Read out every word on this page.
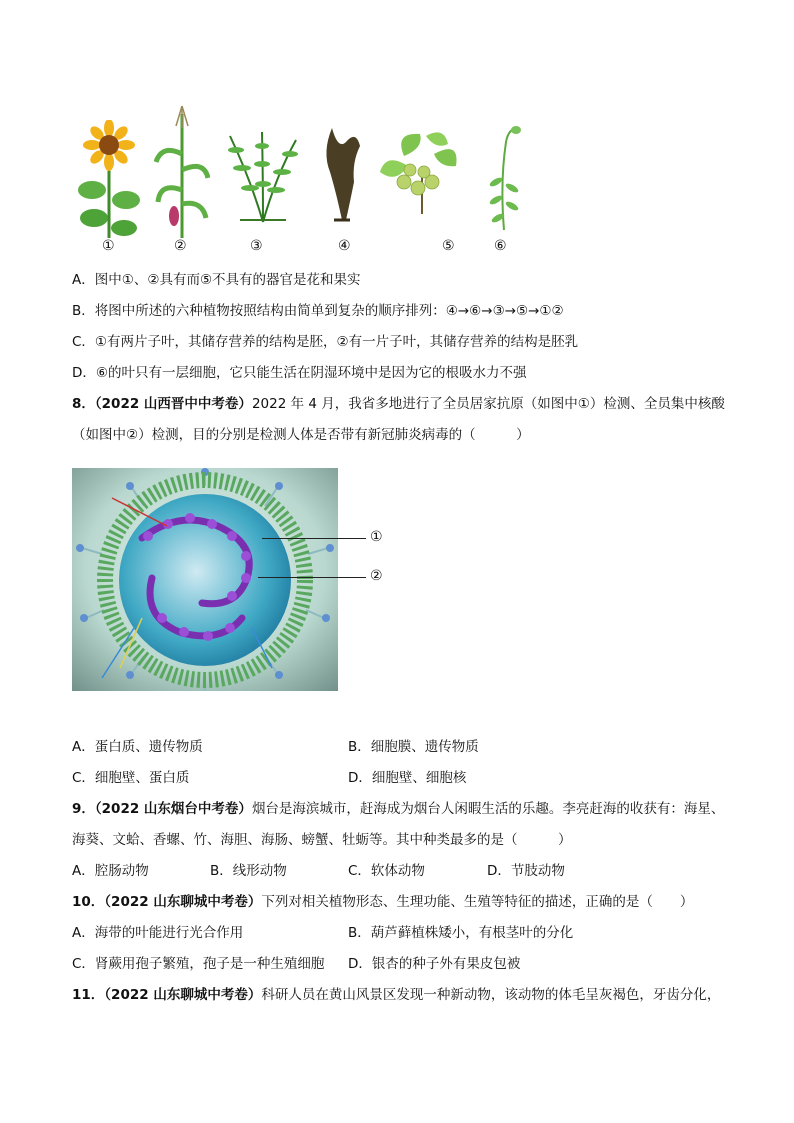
①	②	③	④	⑤	⑥
A．图中①、②具有而⑤不具有的器官是花和果实
B．将图中所述的六种植物按照结构由简单到复杂的顺序排列：④→⑥→③→⑤→①②
C．①有两片子叶，其储存营养的结构是胚，②有一片子叶，其储存营养的结构是胚乳
D．⑥的叶只有一层细胞，它只能生活在阴湿环境中是因为它的根吸水力不强
8．（2022 山西晋中中考卷）2022 年 4 月，我省多地进行了全员居家抗原（如图中①）检测、全员集中核酸
（如图中②）检测，目的分别是检测人体是否带有新冠肺炎病毒的（　　　）
①
②
A．蛋白质、遗传物质	B．细胞膜、遗传物质
C．细胞壁、蛋白质	D．细胞壁、细胞核
9．（2022 山东烟台中考卷）烟台是海滨城市，赶海成为烟台人闲暇生活的乐趣。李亮赶海的收获有：海星、
海葵、文蛤、香螺、竹、海胆、海肠、螃蟹、牡蛎等。其中种类最多的是（　　　）
A．腔肠动物	B．线形动物	C．软体动物	D．节肢动物
10．（2022 山东聊城中考卷）下列对相关植物形态、生理功能、生殖等特征的描述，正确的是（　　）
A．海带的叶能进行光合作用	B．葫芦藓植株矮小，有根茎叶的分化
C．肾蕨用孢子繁殖，孢子是一种生殖细胞 D．银杏的种子外有果皮包被
11．（2022 山东聊城中考卷）科研人员在黄山风景区发现一种新动物，该动物的体毛呈灰褐色，牙齿分化，
